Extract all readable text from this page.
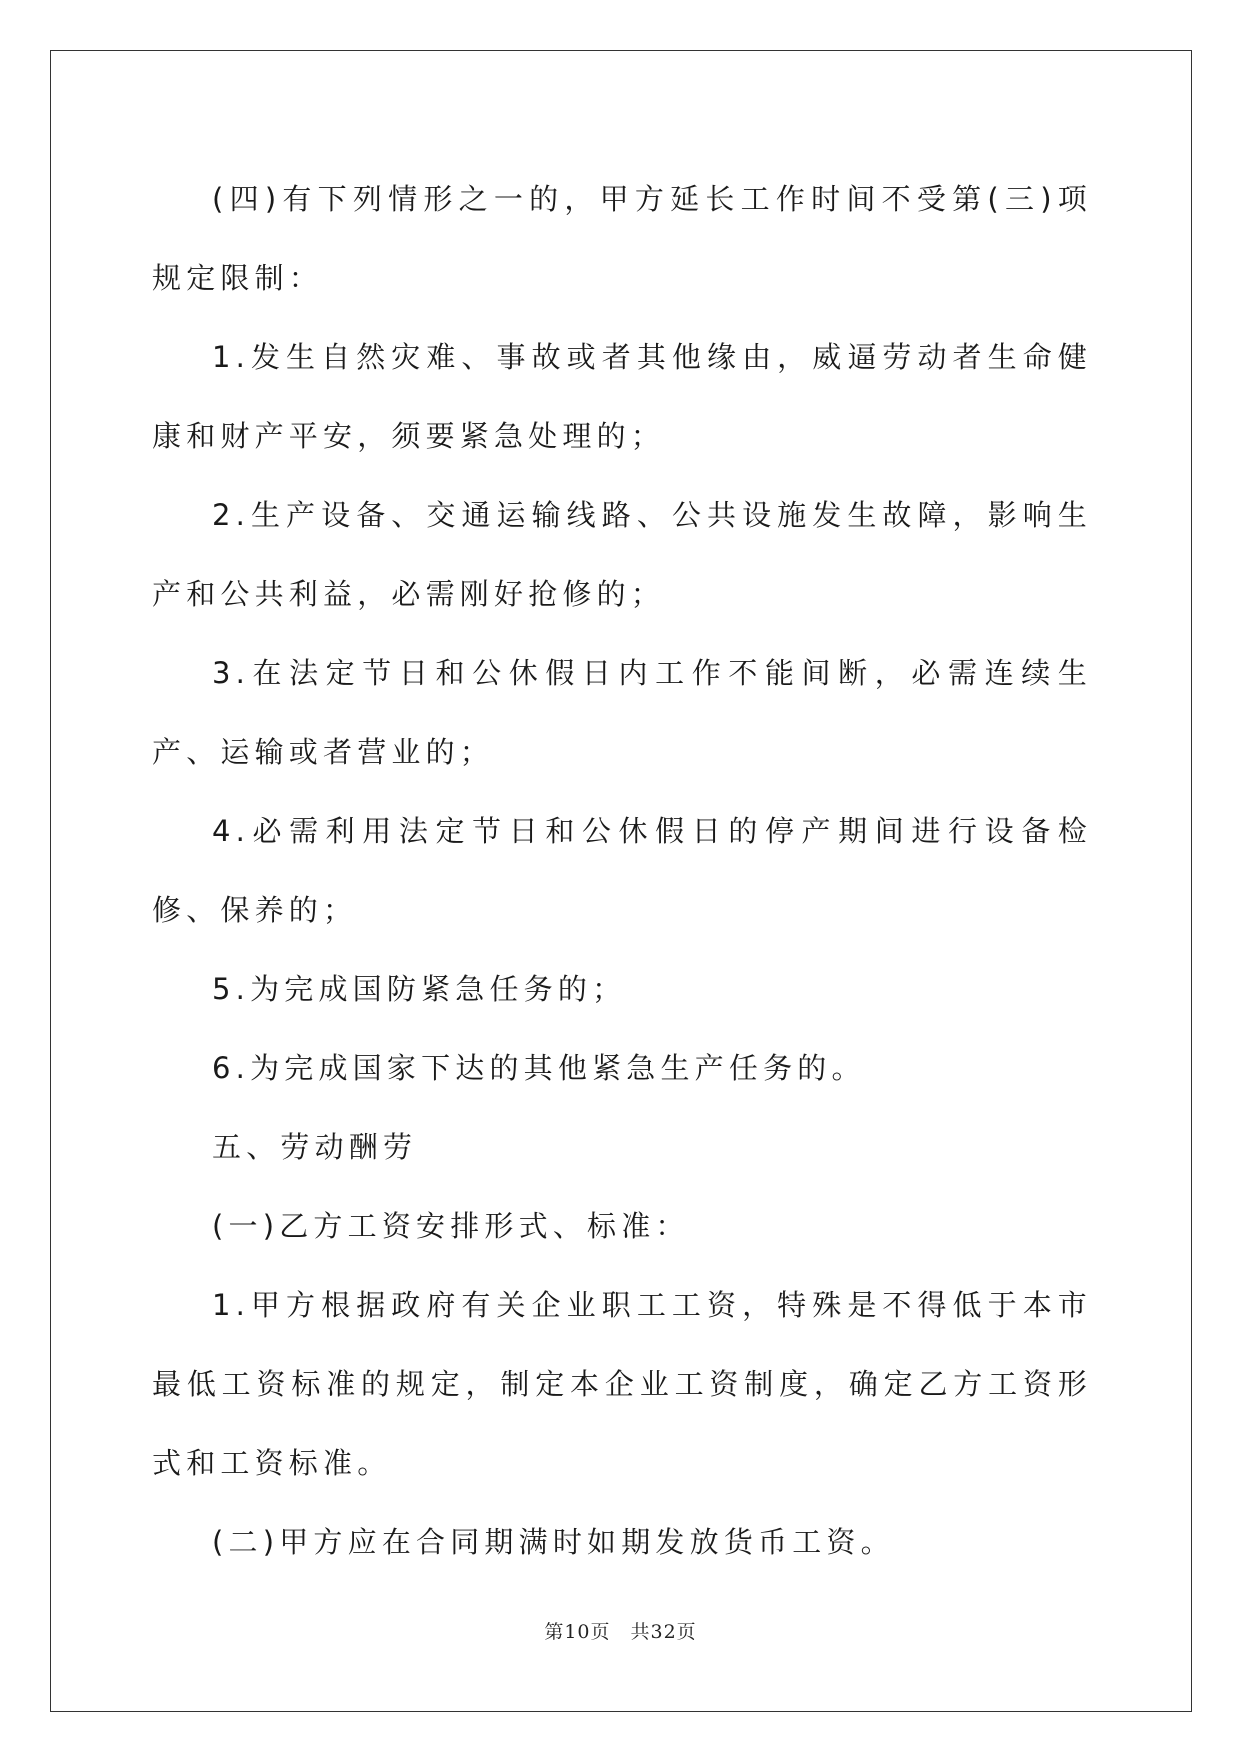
(四)有下列情形之一的，甲方延长工作时间不受第(三)项规定限制：

1.发生自然灾难、事故或者其他缘由，威逼劳动者生命健康和财产平安，须要紧急处理的；

2.生产设备、交通运输线路、公共设施发生故障，影响生产和公共利益，必需刚好抢修的；

3.在法定节日和公休假日内工作不能间断，必需连续生产、运输或者营业的；

4.必需利用法定节日和公休假日的停产期间进行设备检修、保养的；

5.为完成国防紧急任务的；

6.为完成国家下达的其他紧急生产任务的。

五、劳动酬劳

(一)乙方工资安排形式、标准：

1.甲方根据政府有关企业职工工资，特殊是不得低于本市最低工资标准的规定，制定本企业工资制度，确定乙方工资形式和工资标准。

(二)甲方应在合同期满时如期发放货币工资。

第10页　共32页
